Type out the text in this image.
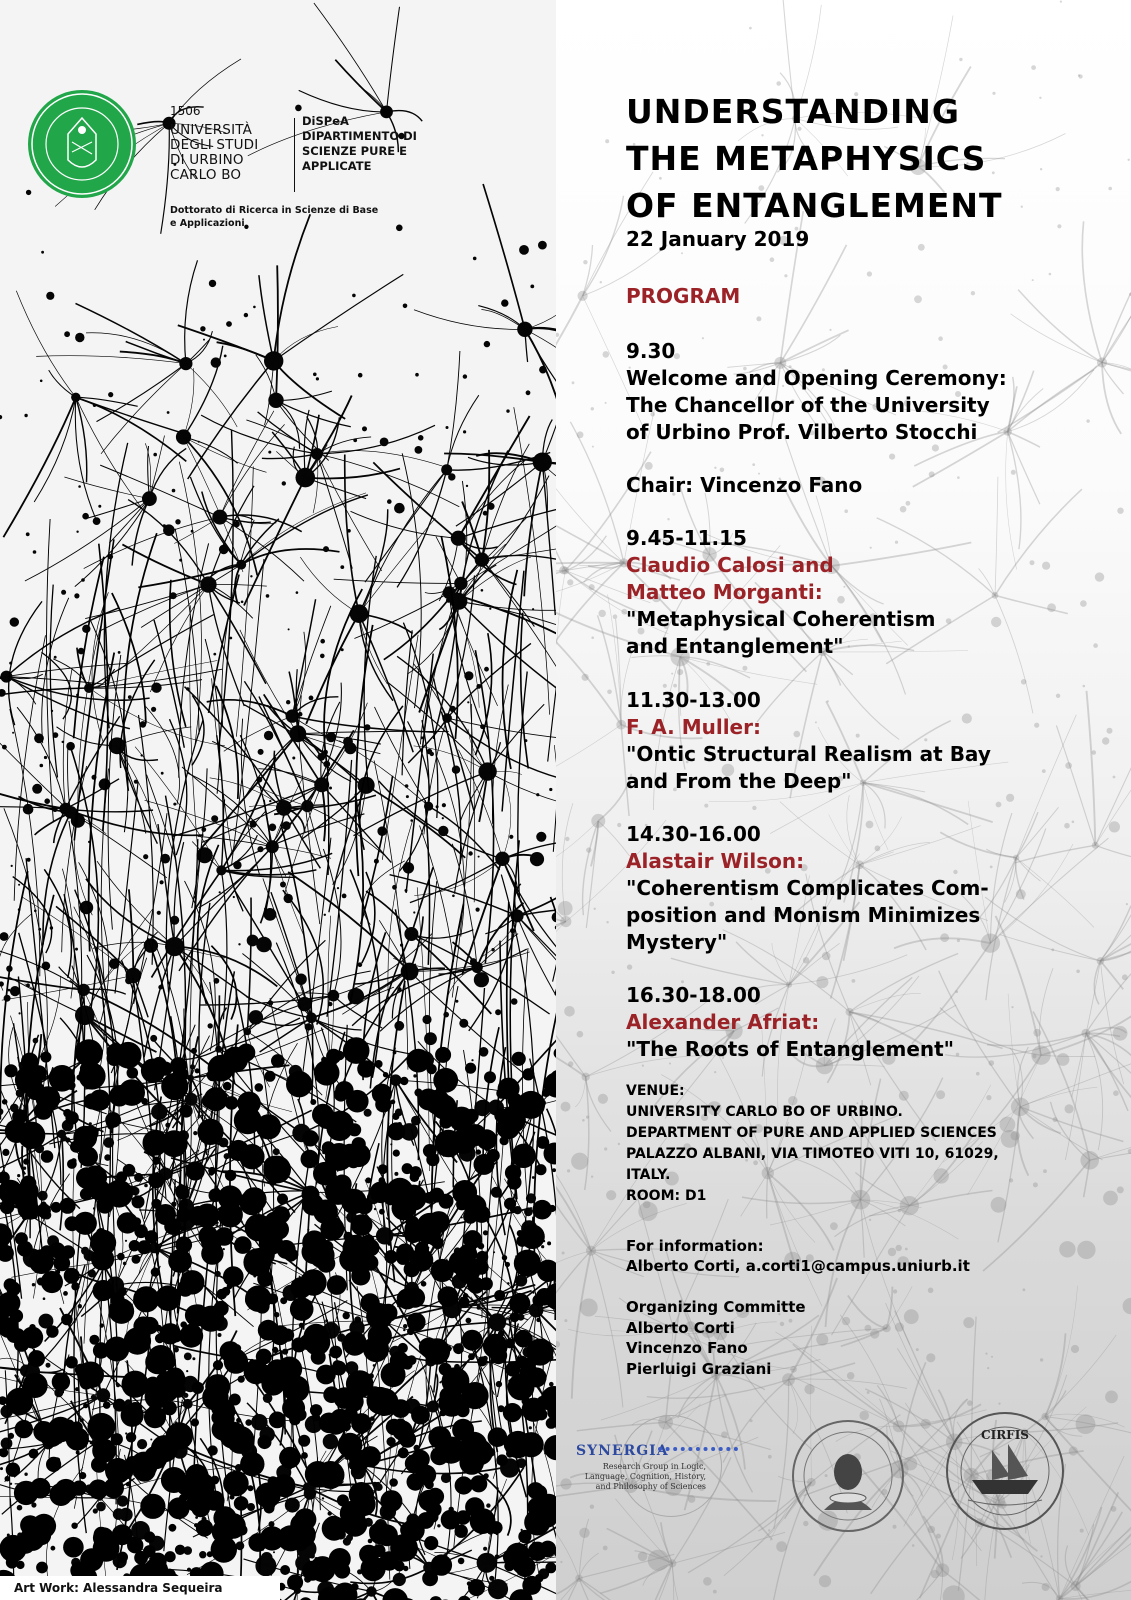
1506
UNIVERSITÀ
DEGLI STUDI
DI URBINO
CARLO BO
DiSPeA
DIPARTIMENTO DI
SCIENZE PURE E
APPLICATE
Dottorato di Ricerca in Scienze di Base
e Applicazioni
Art Work: Alessandra Sequeira
UNDERSTANDING
THE METAPHYSICS
OF ENTANGLEMENT
22 January 2019
PROGRAM
9.30
Welcome and Opening Ceremony:
The Chancellor of the University
of Urbino Prof. Vilberto Stocchi
Chair: Vincenzo Fano
9.45-11.15
Claudio Calosi and
Matteo Morganti:
"Metaphysical Coherentism
and Entanglement"
11.30-13.00
F. A. Muller:
"Ontic Structural Realism at Bay
and From the Deep"
14.30-16.00
Alastair Wilson:
"Coherentism Complicates Com-
position and Monism Minimizes
Mystery"
16.30-18.00
Alexander Afriat:
"The Roots of Entanglement"
VENUE:
UNIVERSITY CARLO BO OF URBINO.
DEPARTMENT OF PURE AND APPLIED SCIENCES
PALAZZO ALBANI, VIA TIMOTEO VITI 10, 61029,
ITALY.
ROOM: D1
For information:
Alberto Corti, a.corti1@campus.uniurb.it
Organizing Committe
Alberto Corti
Vincenzo Fano
Pierluigi Graziani
SYNERGIA
Research Group in Logic,
Language, Cognition, History,
and Philosophy of Sciences
CIRFIS
